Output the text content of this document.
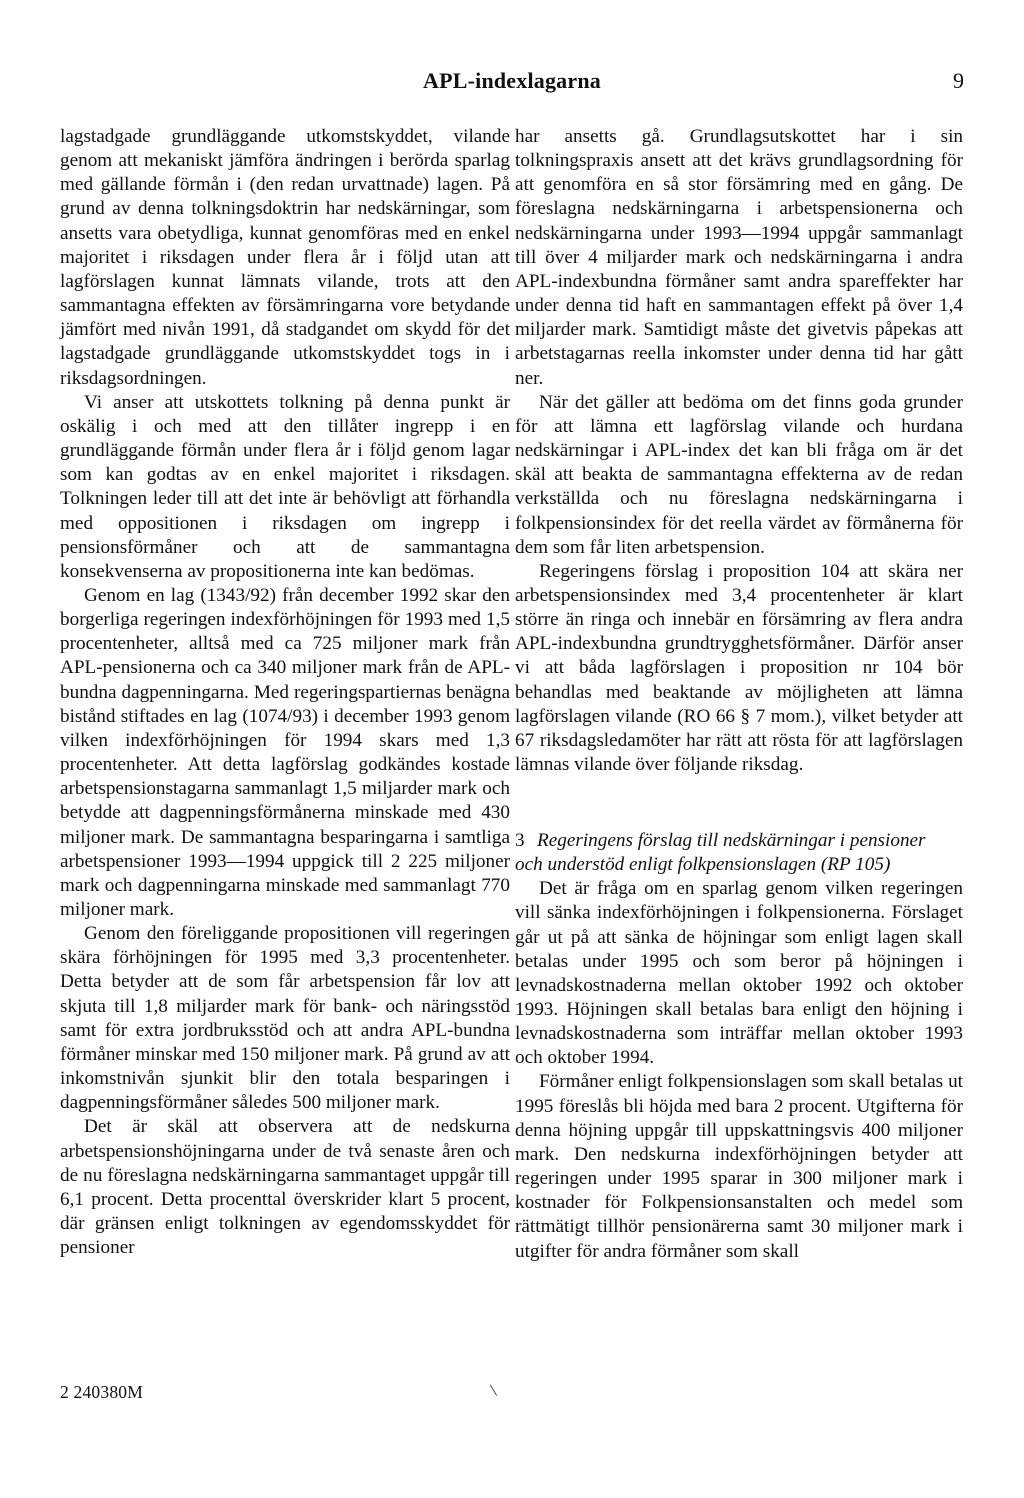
APL-indexlagarna	9

lagstadgade grundläggande utkomstskyddet, vilande genom att mekaniskt jämföra ändringen i berörda sparlag med gällande förmån i (den redan urvattnade) lagen. På grund av denna tolkningsdoktrin har nedskärningar, som ansetts vara obetydliga, kunnat genomföras med en enkel majoritet i riksdagen under flera år i följd utan att lagförslagen kunnat lämnats vilande, trots att den sammantagna effekten av försämringarna vore betydande jämfört med nivån 1991, då stadgandet om skydd för det lagstadgade grundläggande utkomstskyddet togs in i riksdagsordningen.

Vi anser att utskottets tolkning på denna punkt är oskälig i och med att den tillåter ingrepp i en grundläggande förmån under flera år i följd genom lagar som kan godtas av en enkel majoritet i riksdagen. Tolkningen leder till att det inte är behövligt att förhandla med oppositionen i riksdagen om ingrepp i pensionsförmåner och att de sammantagna konsekvenserna av propositionerna inte kan bedömas.

Genom en lag (1343/92) från december 1992 skar den borgerliga regeringen indexförhöjningen för 1993 med 1,5 procentenheter, alltså med ca 725 miljoner mark från APL-pensionerna och ca 340 miljoner mark från de APL-bundna dagpenningarna. Med regeringspartiernas benägna bistånd stiftades en lag (1074/93) i december 1993 genom vilken indexförhöjningen för 1994 skars med 1,3 procentenheter. Att detta lagförslag godkändes kostade arbetspensionstagarna sammanlagt 1,5 miljarder mark och betydde att dagpenningsförmånerna minskade med 430 miljoner mark. De sammantagna besparingarna i samtliga arbetspensioner 1993—1994 uppgick till 2 225 miljoner mark och dagpenningarna minskade med sammanlagt 770 miljoner mark.

Genom den föreliggande propositionen vill regeringen skära förhöjningen för 1995 med 3,3 procentenheter. Detta betyder att de som får arbetspension får lov att skjuta till 1,8 miljarder mark för bank- och näringsstöd samt för extra jordbruksstöd och att andra APL-bundna förmåner minskar med 150 miljoner mark. På grund av att inkomstnivån sjunkit blir den totala besparingen i dagpenningsförmåner således 500 miljoner mark.

Det är skäl att observera att de nedskurna arbetspensionshöjningarna under de två senaste åren och de nu föreslagna nedskärningarna sammantaget uppgår till 6,1 procent. Detta procenttal överskrider klart 5 procent, där gränsen enligt tolkningen av egendomsskyddet för pensioner

har ansetts gå. Grundlagsutskottet har i sin tolkningspraxis ansett att det krävs grundlagsordning för att genomföra en så stor försämring med en gång. De föreslagna nedskärningarna i arbetspensionerna och nedskärningarna under 1993—1994 uppgår sammanlagt till över 4 miljarder mark och nedskärningarna i andra APL-indexbundna förmåner samt andra spareffekter har under denna tid haft en sammantagen effekt på över 1,4 miljarder mark. Samtidigt måste det givetvis påpekas att arbetstagarnas reella inkomster under denna tid har gått ner.

När det gäller att bedöma om det finns goda grunder för att lämna ett lagförslag vilande och hurdana nedskärningar i APL-index det kan bli fråga om är det skäl att beakta de sammantagna effekterna av de redan verkställda och nu föreslagna nedskärningarna i folkpensionsindex för det reella värdet av förmånerna för dem som får liten arbetspension.

Regeringens förslag i proposition 104 att skära ner arbetspensionsindex med 3,4 procentenheter är klart större än ringa och innebär en försämring av flera andra APL-indexbundna grundtrygghetsförmåner. Därför anser vi att båda lagförslagen i proposition nr 104 bör behandlas med beaktande av möjligheten att lämna lagförslagen vilande (RO 66 § 7 mom.), vilket betyder att 67 riksdagsledamöter har rätt att rösta för att lagförslagen lämnas vilande över följande riksdag.

3 Regeringens förslag till nedskärningar i pensioner och understöd enligt folkpensionslagen (RP 105)

Det är fråga om en sparlag genom vilken regeringen vill sänka indexförhöjningen i folkpensionerna. Förslaget går ut på att sänka de höjningar som enligt lagen skall betalas under 1995 och som beror på höjningen i levnadskostnaderna mellan oktober 1992 och oktober 1993. Höjningen skall betalas bara enligt den höjning i levnadskostnaderna som inträffar mellan oktober 1993 och oktober 1994.

Förmåner enligt folkpensionslagen som skall betalas ut 1995 föreslås bli höjda med bara 2 procent. Utgifterna för denna höjning uppgår till uppskattningsvis 400 miljoner mark. Den nedskurna indexförhöjningen betyder att regeringen under 1995 sparar in 300 miljoner mark i kostnader för Folkpensionsanstalten och medel som rättmätigt tillhör pensionärerna samt 30 miljoner mark i utgifter för andra förmåner som skall

2 240380M	\
